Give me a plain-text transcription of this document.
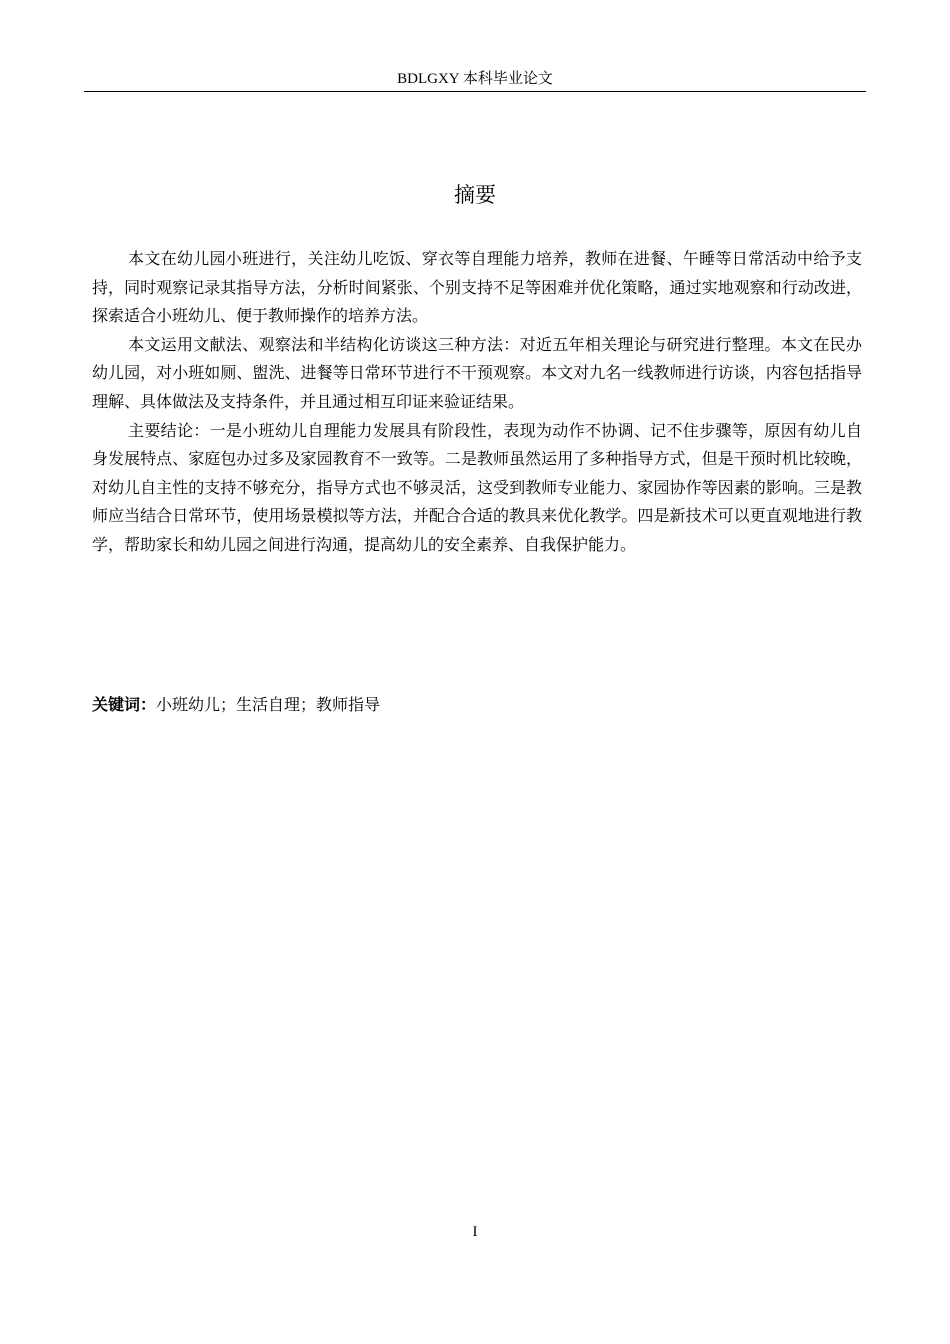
BDLGXY 本科毕业论文
摘要

本文在幼儿园小班进行，关注幼儿吃饭、穿衣等自理能力培养，教师在进餐、午睡等日常活动中给予支持，同时观察记录其指导方法，分析时间紧张、个别支持不足等困难并优化策略，通过实地观察和行动改进，探索适合小班幼儿、便于教师操作的培养方法。

本文运用文献法、观察法和半结构化访谈这三种方法：对近五年相关理论与研究进行整理。本文在民办幼儿园，对小班如厕、盥洗、进餐等日常环节进行不干预观察。本文对九名一线教师进行访谈，内容包括指导理解、具体做法及支持条件，并且通过相互印证来验证结果。

主要结论：一是小班幼儿自理能力发展具有阶段性，表现为动作不协调、记不住步骤等，原因有幼儿自身发展特点、家庭包办过多及家园教育不一致等。二是教师虽然运用了多种指导方式，但是干预时机比较晚，对幼儿自主性的支持不够充分，指导方式也不够灵活，这受到教师专业能力、家园协作等因素的影响。三是教师应当结合日常环节，使用场景模拟等方法，并配合合适的教具来优化教学。四是新技术可以更直观地进行教学，帮助家长和幼儿园之间进行沟通，提高幼儿的安全素养、自我保护能力。

关键词：小班幼儿；生活自理；教师指导

I
